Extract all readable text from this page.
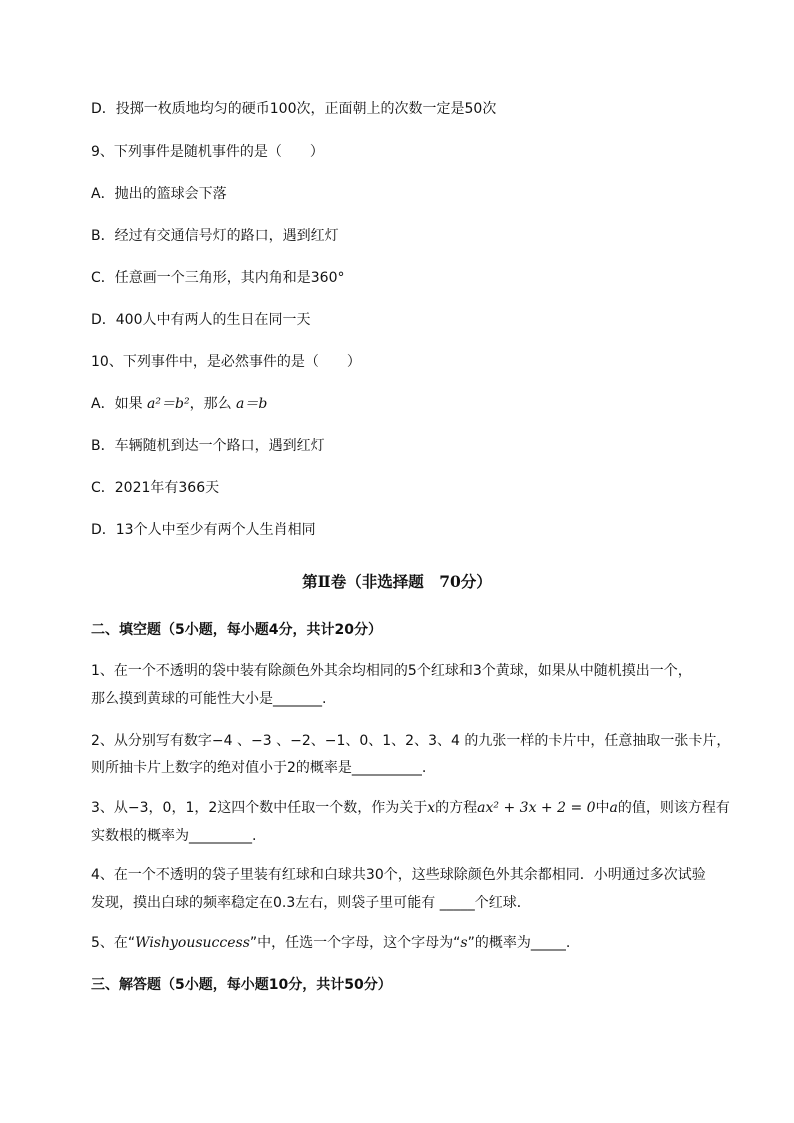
D．投掷一枚质地均匀的硬币100次，正面朝上的次数一定是50次
9、下列事件是随机事件的是（　　）
A．抛出的篮球会下落
B．经过有交通信号灯的路口，遇到红灯
C．任意画一个三角形，其内角和是360°
D．400人中有两人的生日在同一天
10、下列事件中，是必然事件的是（　　）
A．如果 a²＝b²，那么 a＝b
B．车辆随机到达一个路口，遇到红灯
C．2021年有366天
D．13个人中至少有两个人生肖相同
第Ⅱ卷（非选择题　70分）
二、填空题（5小题，每小题4分，共计20分）
1、在一个不透明的袋中装有除颜色外其余均相同的5个红球和3个黄球，如果从中随机摸出一个，
那么摸到黄球的可能性大小是_______.
2、从分别写有数字−4 、−3 、−2、−1、0、1、2、3、4 的九张一样的卡片中，任意抽取一张卡片，
则所抽卡片上数字的绝对值小于2的概率是__________.
3、从−3，0，1，2这四个数中任取一个数，作为关于x的方程ax² + 3x + 2 = 0中a的值，则该方程有
实数根的概率为_________.
4、在一个不透明的袋子里装有红球和白球共30个，这些球除颜色外其余都相同．小明通过多次试验
发现，摸出白球的频率稳定在0.3左右，则袋子里可能有 _____个红球．
5、在“Wishyousuccess”中，任选一个字母，这个字母为“s”的概率为_____.
三、解答题（5小题，每小题10分，共计50分）
